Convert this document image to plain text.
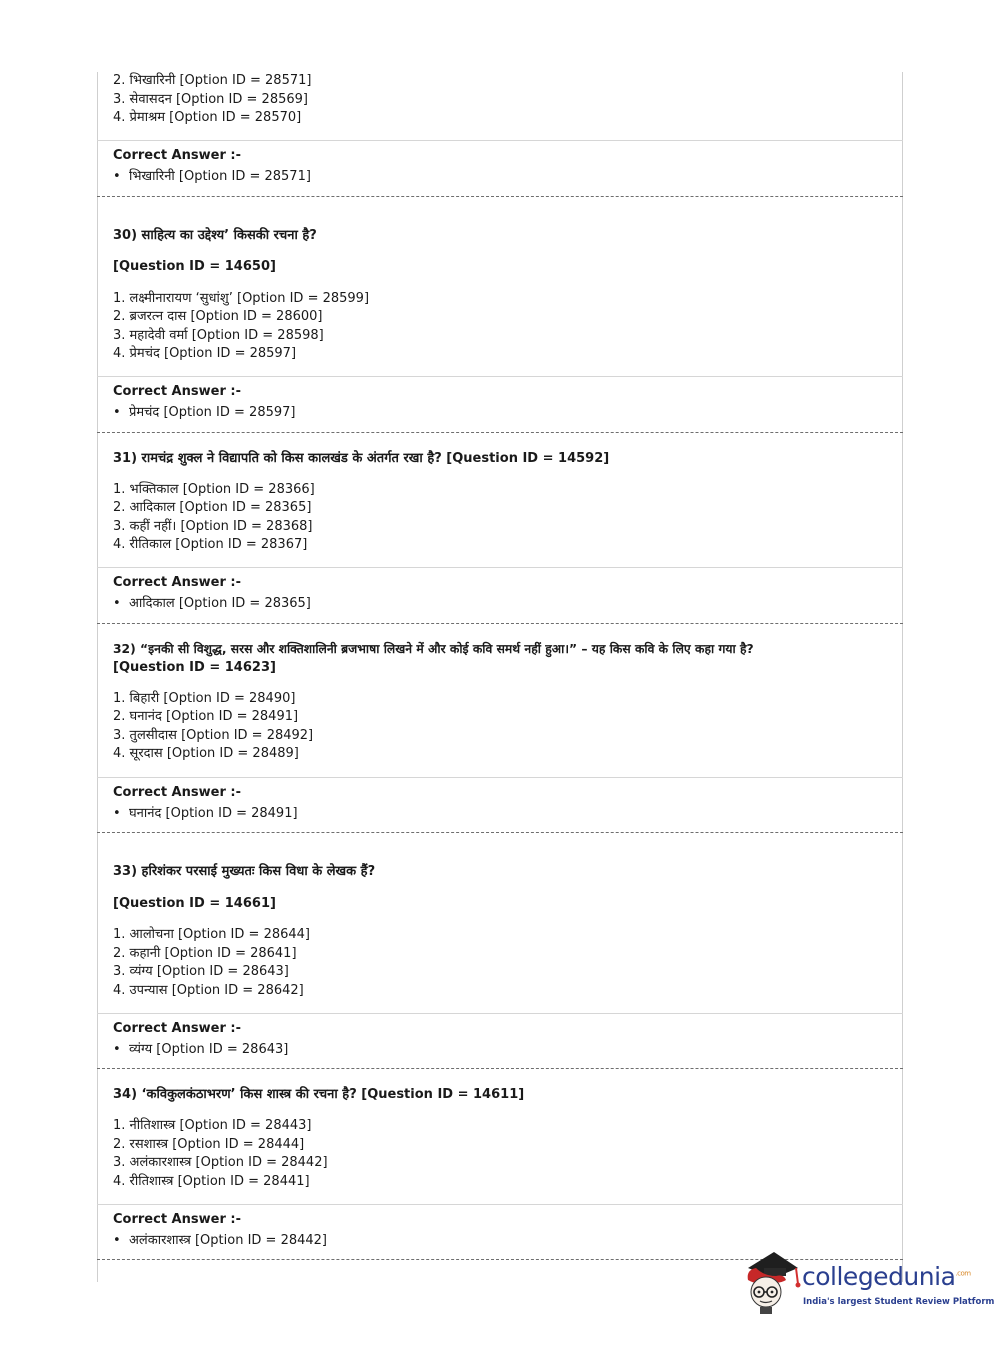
2. भिखारिनी [Option ID = 28571]
3. सेवासदन [Option ID = 28569]
4. प्रेमाश्रम [Option ID = 28570]
Correct Answer :-
• भिखारिनी [Option ID = 28571]
30) साहित्य का उद्देश्य’ किसकी रचना है?
[Question ID = 14650]
1. लक्ष्मीनारायण ‘सुधांशु’ [Option ID = 28599]
2. ब्रजरत्न दास [Option ID = 28600]
3. महादेवी वर्मा [Option ID = 28598]
4. प्रेमचंद [Option ID = 28597]
Correct Answer :-
• प्रेमचंद [Option ID = 28597]
31) रामचंद्र शुक्ल ने विद्यापति को किस कालखंड के अंतर्गत रखा है? [Question ID = 14592]
1. भक्तिकाल [Option ID = 28366]
2. आदिकाल [Option ID = 28365]
3. कहीं नहीं। [Option ID = 28368]
4. रीतिकाल [Option ID = 28367]
Correct Answer :-
• आदिकाल [Option ID = 28365]
32) “इनकी सी विशुद्ध, सरस और शक्तिशालिनी ब्रजभाषा लिखने में और कोई कवि समर्थ नहीं हुआ।” – यह किस कवि के लिए कहा गया है?
[Question ID = 14623]
1. बिहारी [Option ID = 28490]
2. घनानंद [Option ID = 28491]
3. तुलसीदास [Option ID = 28492]
4. सूरदास [Option ID = 28489]
Correct Answer :-
• घनानंद [Option ID = 28491]
33) हरिशंकर परसाई मुख्यतः किस विधा के लेखक हैं?
[Question ID = 14661]
1. आलोचना [Option ID = 28644]
2. कहानी [Option ID = 28641]
3. व्यंग्य [Option ID = 28643]
4. उपन्यास [Option ID = 28642]
Correct Answer :-
• व्यंग्य [Option ID = 28643]
34) ‘कविकुलकंठाभरण’ किस शास्त्र की रचना है? [Question ID = 14611]
1. नीतिशास्त्र [Option ID = 28443]
2. रसशास्त्र [Option ID = 28444]
3. अलंकारशास्त्र [Option ID = 28442]
4. रीतिशास्त्र [Option ID = 28441]
Correct Answer :-
• अलंकारशास्त्र [Option ID = 28442]
collegedunia$^{.com}$
India's largest Student Review Platform
